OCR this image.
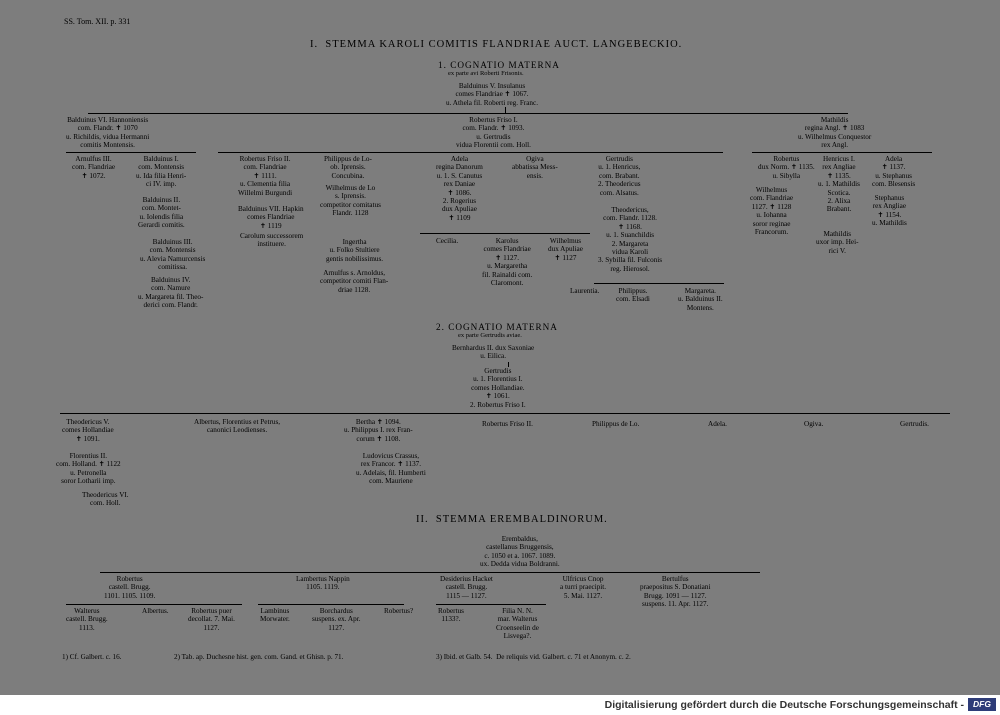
SS. Tom. XII. p. 331
I.  STEMMA KAROLI COMITIS FLANDRIAE AUCT. LANGEBECKIO.
1. COGNATIO MATERNA
ex parte avi Roberti Frisonis.
Balduinus V. Insulanus
comes Flandriae ✝ 1067.
u. Athela fil. Roberti reg. Franc.
Balduinus VI. Hannoniensis
com. Flandr. ✝ 1070
u. Richildis, vidua Hermanni
comitis Montensis.
Robertus Friso I.
com. Flandr. ✝ 1093.
u. Gertrudis
vidua Florentii com. Holl.
Mathildis
regina Angl. ✝ 1083
u. Wilhelmus Conquestor
rex Angl.
Arnulfus III.
com. Flandriae
✝ 1072.
Balduinus I.
com. Montensis
u. Ida filia Henri-
ci IV. imp.
Balduinus II.
com. Montet-
u. Iolendis filia
Gerardi comitis.
Balduinus III.
com. Montensis
u. Alevia Namurcensis
comitissa.
Balduinus IV.
com. Namure
u. Margareta fil. Theo-
derici com. Flandr.
Robertus Friso II.
com. Flandriae
✝ 1111.
u. Clementia filia
Willelmi Burgundi
Balduinus VII. Hapkin
comes Flandriae
✝ 1119
Carolum successorem
instituere.
Philippus de Lo-
ob. Iprensis.
Concubina.
Wilhelmus de Lo
s. Iprensis.
competitor comitatus
Flandr. 1128
Ingertha
u. Folko Stultiere
gentis nobilissimus.
Arnulfus s. Arnoldus,
competitor comiti Flan-
driae 1128.
Adela
regina Danorum
u. 1. S. Canutus
rex Daniae
✝ 1086.
2. Rogerius
dux Apuliae
✝ 1109
Ogiva
abbatissa Mess-
ensis.
Gertrudis
u. 1. Henricus,
com. Brabant.
2. Theodericus
com. Alsatus.
Theodericus,
com. Flandr. 1128.
✝ 1168.
u. 1. Suanchildis
2. Margareta
vidua Karoli
3. Sybilla fil. Fulconis
reg. Hierosol.
Cecilia.	Karolus
comes Flandriae
✝ 1127.
u. Margaretha
fil. Rainaldi com.
Claromont.
Wilhelmus
dux Apuliae
✝ 1127
Laurentia.	Philippus.
com. Elsadi
Margareta.
u. Balduinus II.
Montens.
Robertus
dux Norm. ✝ 1135.
u. Sibylla
Wilhelmus
com. Flandriae
1127. ✝ 1128
u. Iohanna
soror reginae
Francorum.
Henricus I.
rex Angliae
✝ 1135.
u. 1. Mathildis
Scotica.
2. Alixa
Brabant.
Mathildis
uxor imp. Hei-
rici V.
Adela
✝ 1137.
u. Stephanus
com. Blesensis
Stephanus
rex Angliae
✝ 1154.
u. Mathildis
2. COGNATIO MATERNA
ex parte Gertrudis aviae.
Bernhardus II. dux Saxoniae
u. Eilica.
Gertrudis
u. 1. Florentius I.
comes Hollandiae.
✝ 1061.
2. Robertus Friso I.
Theodericus V.
comes Hollandiae
✝ 1091.
Albertus, Florentius et Petrus,
canonici Leodienses.
Bertha ✝ 1094.
u. Philippus I. rex Fran-
corum ✝ 1108.
Robertus Friso II.	Philippus de Lo.	Adela.	Ogiva.	Gertrudis.
Florentius II.
com. Holland. ✝ 1122
u. Petronella
soror Lotharii imp.
Theodericus VI.
com. Holl.
Ludovicus Crassus,
rex Francor. ✝ 1137.
u. Adelais, fil. Humberti
com. Mauriene
II.  STEMMA EREMBALDINORUM.
Erembaldus,
castellanus Bruggensis,
c. 1050 et a. 1067. 1089.
ux. Dedda vidua Boldranni.
Robertus
castell. Brugg.
1101. 1105. 1109.
Lambertus Nappin
1105. 1119.
Desiderius Hacket
castell. Brugg.
1115 — 1127.
Ulfricus Cnop
a turri praecipit.
5. Mai. 1127.
Bertulfus
praepositus S. Donatiani
Brugg. 1091 — 1127.
suspens. 11. Apr. 1127.
Walterus
castell. Brugg.
1113.
Albertus.	Robertus puer
decollat. 7. Mai.
1127.
Lambinus
Morwater.
Borchardus
suspens. ex. Apr.
1127.
Robertus?	Robertus
1133?.
Filia N. N.
mar. Walterus
Croenseelin de
Lisvega?.
1) Cf. Galbert. c. 16.	2) Tab. ap. Duchesne hist. gen. com. Gand. et Ghisn. p. 71.	3) Ibid. et Galb. 54.  De reliquis vid. Galbert. c. 71 et Anonym. c. 2.
Digitalisierung gefördert durch die Deutsche Forschungsgemeinschaft -	DFG
